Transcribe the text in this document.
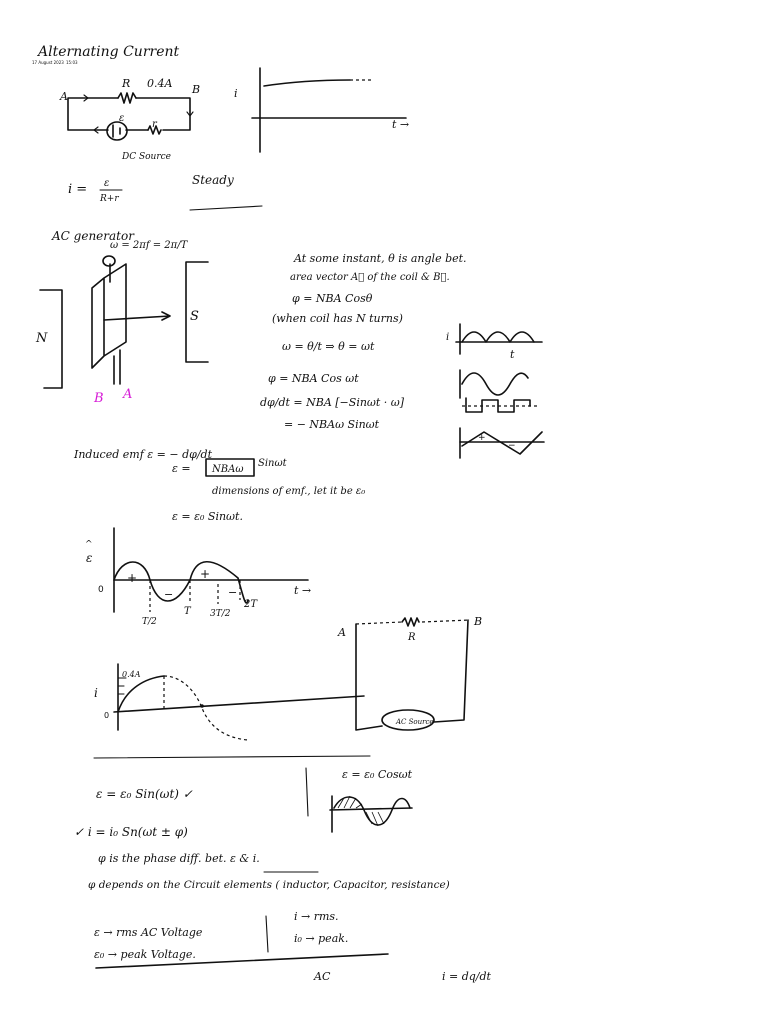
Alternating Current
17 August 2023 15:03
A
B
R 0.4A
ε
r
DC Source
i = ε
R+r
Steady
i
t →
AC generator
ω = 2πf = 2π/T
N
S
B A
At some instant, θ is angle bet.
area vector A⃗ of the coil & B⃗.
φ = NBA Cosθ
(when coil has N turns)
ω = θ/t ⇒ θ = ωt
φ = NBA Cos ωt
dφ/dt = NBA [−Sinωt · ω]
= − NBAω Sinωt
i
t
+
−
Induced emf ε = − dφ/dt
ε = NBAω
Sinωt
dimensions of emf., let it be ε₀
ε = ε₀ Sinωt.
^
ε
0
+	+
−	−
T/2
T 3T/2
2T
t →
i
0
0.4A
A
B
R
AC Source
ε = ε₀ Sin(ωt) ✓
ε = ε₀ Cosωt
✓ i = i₀ Sn(ωt ± φ)
φ is the phase diff. bet. ε & i.
φ depends on the Circuit elements ( inductor, Capacitor, resistance)
ε → rms AC Voltage
ε₀ → peak Voltage.
i → rms.
i₀ → peak.
AC	i = dq/dt
